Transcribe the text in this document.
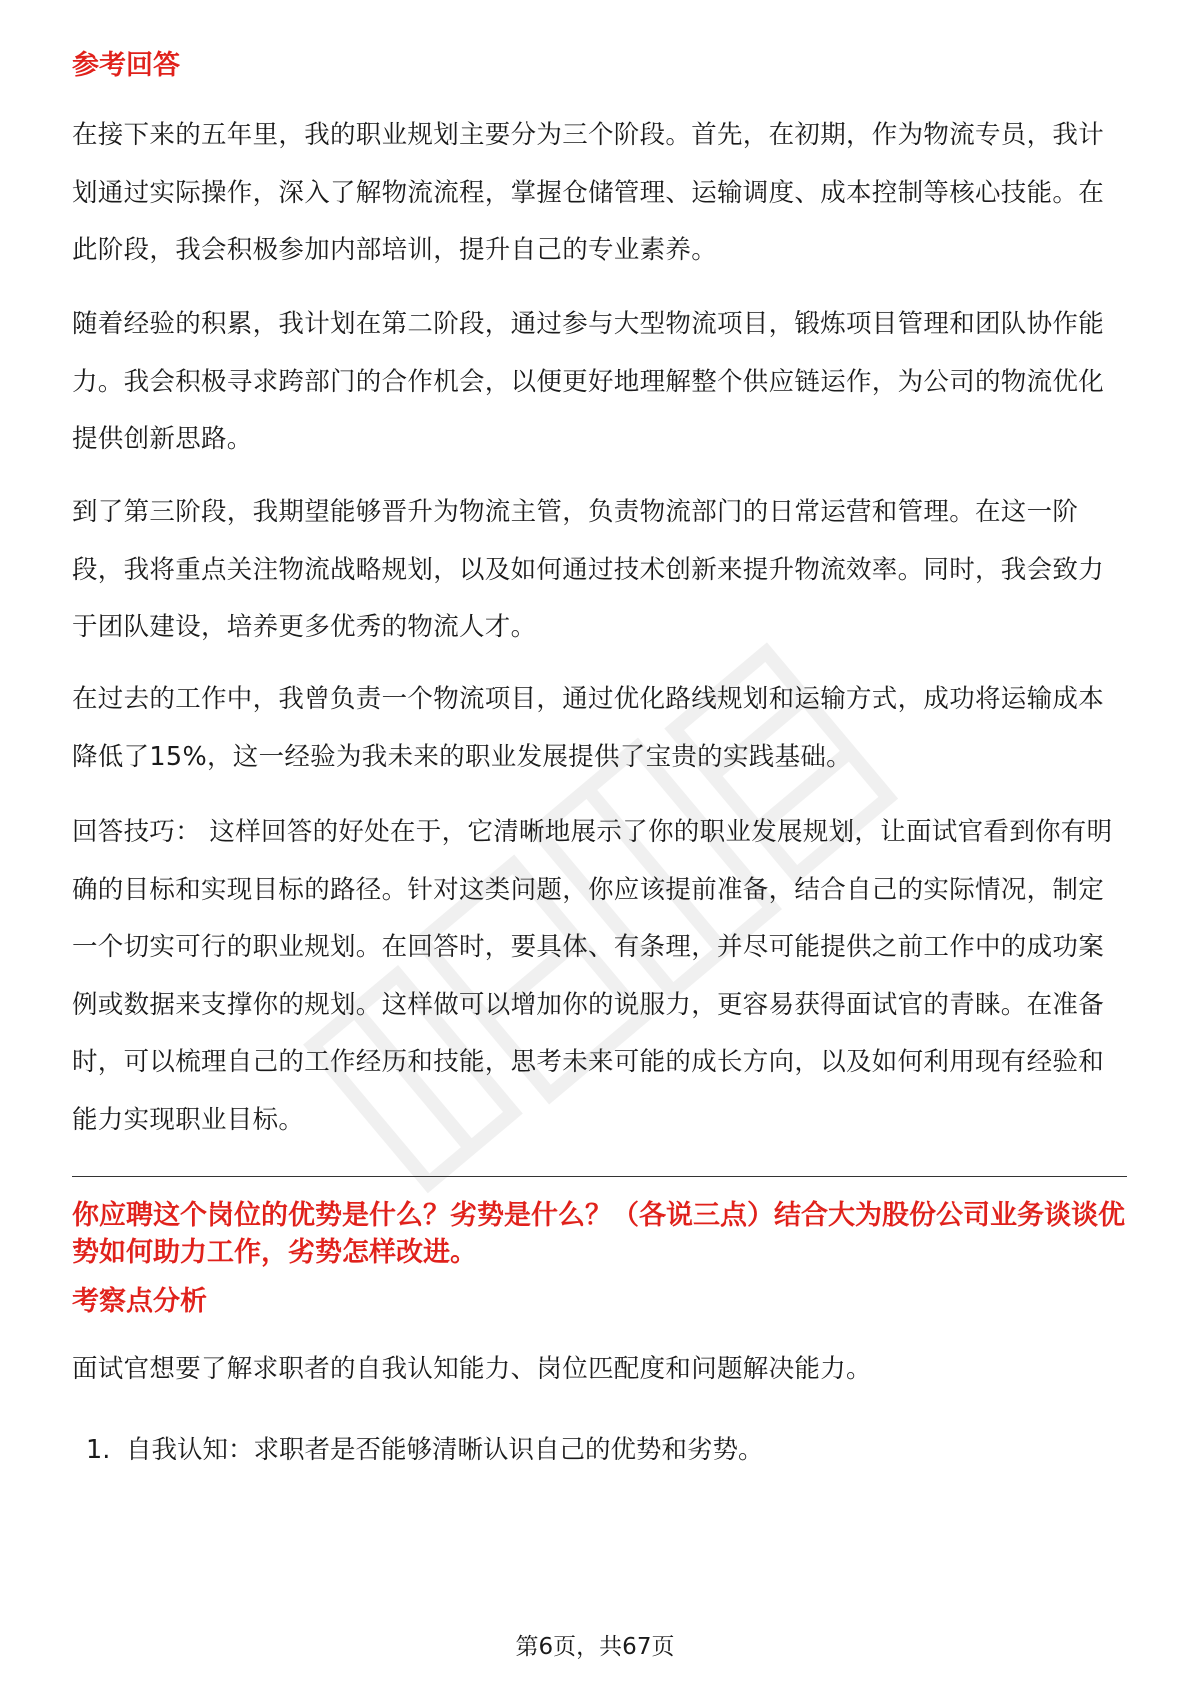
参考回答
在接下来的五年里，我的职业规划主要分为三个阶段。首先，在初期，作为物流专员，我计划通过实际操作，深入了解物流流程，掌握仓储管理、运输调度、成本控制等核心技能。在此阶段，我会积极参加内部培训，提升自己的专业素养。
随着经验的积累，我计划在第二阶段，通过参与大型物流项目，锻炼项目管理和团队协作能力。我会积极寻求跨部门的合作机会，以便更好地理解整个供应链运作，为公司的物流优化提供创新思路。
到了第三阶段，我期望能够晋升为物流主管，负责物流部门的日常运营和管理。在这一阶段，我将重点关注物流战略规划，以及如何通过技术创新来提升物流效率。同时，我会致力于团队建设，培养更多优秀的物流人才。
在过去的工作中，我曾负责一个物流项目，通过优化路线规划和运输方式，成功将运输成本降低了15%，这一经验为我未来的职业发展提供了宝贵的实践基础。
回答技巧： 这样回答的好处在于，它清晰地展示了你的职业发展规划，让面试官看到你有明确的目标和实现目标的路径。针对这类问题，你应该提前准备，结合自己的实际情况，制定一个切实可行的职业规划。在回答时，要具体、有条理，并尽可能提供之前工作中的成功案例或数据来支撑你的规划。这样做可以增加你的说服力，更容易获得面试官的青睐。在准备时，可以梳理自己的工作经历和技能，思考未来可能的成长方向，以及如何利用现有经验和能力实现职业目标。
你应聘这个岗位的优势是什么？劣势是什么？（各说三点）结合大为股份公司业务谈谈优势如何助力工作，劣势怎样改进。
考察点分析
面试官想要了解求职者的自我认知能力、岗位匹配度和问题解决能力。
1. 自我认知：求职者是否能够清晰认识自己的优势和劣势。
第6页，共67页
